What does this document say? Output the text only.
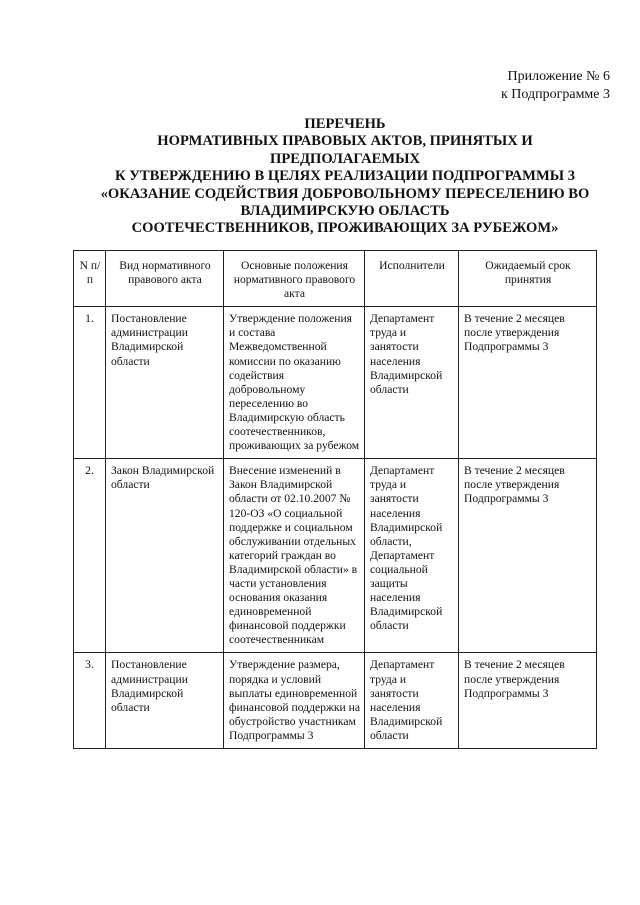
Приложение № 6
к Подпрограмме 3
ПЕРЕЧЕНЬ
НОРМАТИВНЫХ ПРАВОВЫХ АКТОВ, ПРИНЯТЫХ И
ПРЕДПОЛАГАЕМЫХ
К УТВЕРЖДЕНИЮ В ЦЕЛЯХ РЕАЛИЗАЦИИ ПОДПРОГРАММЫ 3
«ОКАЗАНИЕ СОДЕЙСТВИЯ ДОБРОВОЛЬНОМУ ПЕРЕСЕЛЕНИЮ ВО
ВЛАДИМИРСКУЮ ОБЛАСТЬ
СООТЕЧЕСТВЕННИКОВ, ПРОЖИВАЮЩИХ ЗА РУБЕЖОМ»
N п/п	Вид нормативного правового акта	Основные положения нормативного правового акта	Исполнители	Ожидаемый срок принятия
1.	Постановление администрации Владимирской области	Утверждение положения и состава Межведомственной комиссии по оказанию содействия добровольному переселению во Владимирскую область соотечественников, проживающих за рубежом	Департамент труда и занятости населения Владимирской области	В течение 2 месяцев после утверждения Подпрограммы 3
2.	Закон Владимирской области	Внесение изменений в Закон Владимирской области от 02.10.2007 № 120-ОЗ «О социальной поддержке и социальном обслуживании отдельных категорий граждан во Владимирской области» в части установления основания оказания единовременной финансовой поддержки соотечественникам	Департамент труда и занятости населения Владимирской области, Департамент социальной защиты населения Владимирской области	В течение 2 месяцев после утверждения Подпрограммы 3
3.	Постановление администрации Владимирской области	Утверждение размера, порядка и условий выплаты единовременной финансовой поддержки на обустройство участникам Подпрограммы 3	Департамент труда и занятости населения Владимирской области	В течение 2 месяцев после утверждения Подпрограммы 3
